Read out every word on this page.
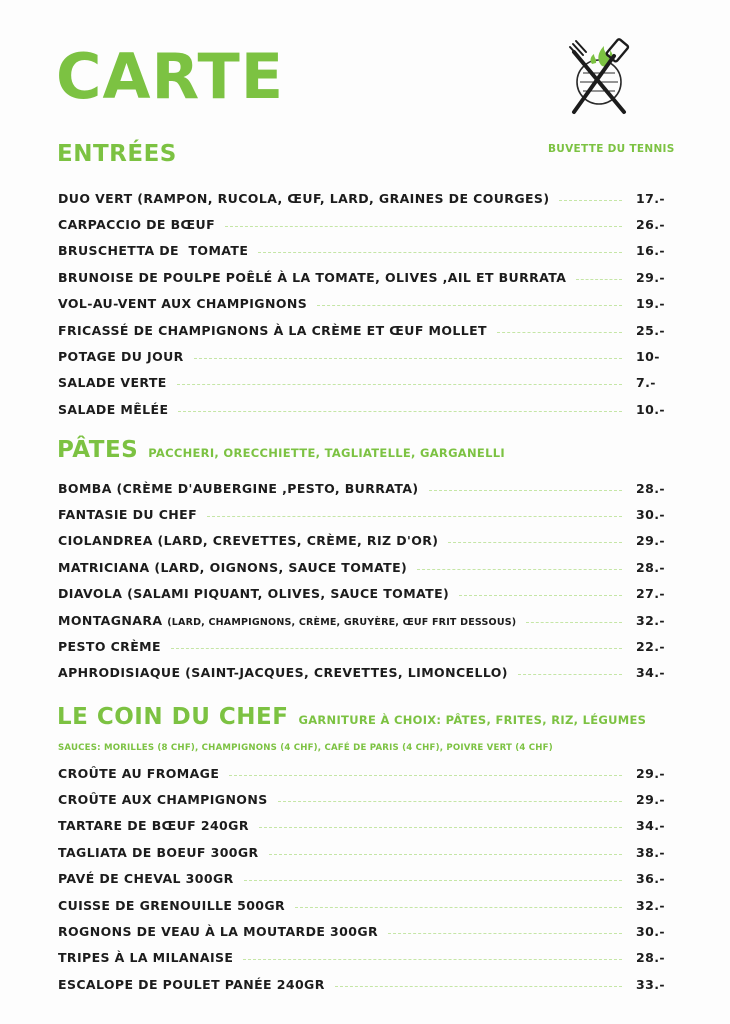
CARTE
BUVETTE DU TENNIS
ENTRÉES
DUO VERT (RAMPON, RUCOLA, ŒUF, LARD, GRAINES DE COURGES)	17.-
CARPACCIO DE BŒUF	26.-
BRUSCHETTA DE  TOMATE	16.-
BRUNOISE DE POULPE POÊLÉ À LA TOMATE, OLIVES ,AIL ET BURRATA	29.-
VOL-AU-VENT AUX CHAMPIGNONS	19.-
FRICASSÉ DE CHAMPIGNONS À LA CRÈME ET ŒUF MOLLET	25.-
POTAGE DU JOUR	10-
SALADE VERTE	7.-
SALADE MÊLÉE	10.-
PÂTES PACCHERI, ORECCHIETTE, TAGLIATELLE, GARGANELLI
BOMBA (CRÈME D'AUBERGINE ,PESTO, BURRATA)	28.-
FANTASIE DU CHEF	30.-
CIOLANDREA (LARD, CREVETTES, CRÈME, RIZ D'OR)	29.-
MATRICIANA (LARD, OIGNONS, SAUCE TOMATE)	28.-
DIAVOLA (SALAMI PIQUANT, OLIVES, SAUCE TOMATE)	27.-
MONTAGNARA (LARD, CHAMPIGNONS, CRÈME, GRUYÈRE, ŒUF FRIT DESSOUS)	32.-
PESTO CRÈME	22.-
APHRODISIAQUE (SAINT-JACQUES, CREVETTES, LIMONCELLO)	34.-
LE COIN DU CHEF GARNITURE À CHOIX: PÂTES, FRITES, RIZ, LÉGUMES
SAUCES: MORILLES (8 CHF), CHAMPIGNONS (4 CHF), CAFÉ DE PARIS (4 CHF), POIVRE VERT (4 CHF)
CROÛTE AU FROMAGE	29.-
CROÛTE AUX CHAMPIGNONS	29.-
TARTARE DE BŒUF 240GR	34.-
TAGLIATA DE BOEUF 300GR	38.-
PAVÉ DE CHEVAL 300GR	36.-
CUISSE DE GRENOUILLE 500GR	32.-
ROGNONS DE VEAU À LA MOUTARDE 300GR	30.-
TRIPES À LA MILANAISE	28.-
ESCALOPE DE POULET PANÉE 240GR	33.-
